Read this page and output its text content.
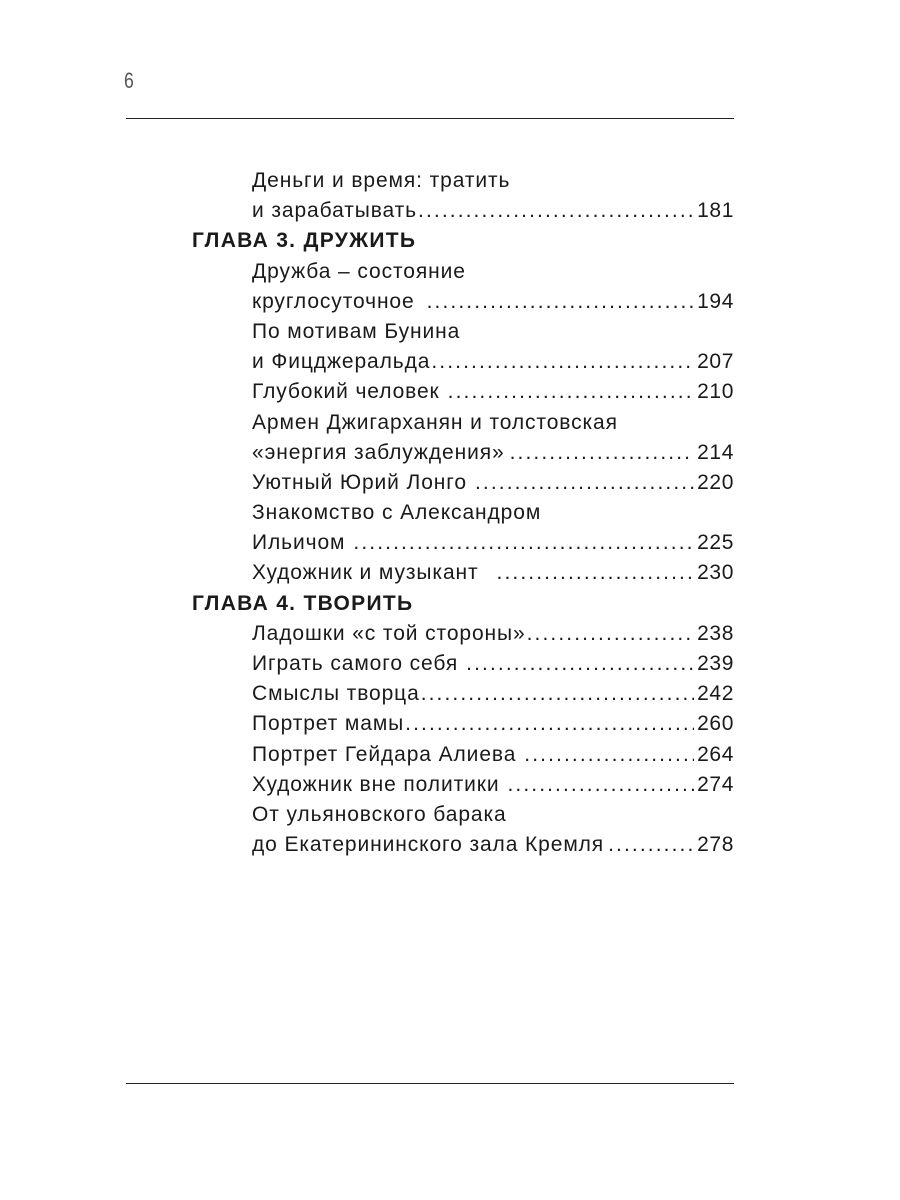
6
Деньги и время: тратить
и зарабатывать .....	181
ГЛАВА 3. ДРУЖИТЬ
Дружба – состояние
круглосуточное .....	194
По мотивам Бунина
и Фицджеральда .....	207
Глубокий человек .....	210
Армен Джигарханян и толстовская
«энергия заблуждения» .....	214
Уютный Юрий Лонго .....	220
Знакомство с Александром
Ильичом .....	225
Художник и музыкант .....	230
ГЛАВА 4. ТВОРИТЬ
Ладошки «с той стороны» .....	238
Играть самого себя .....	239
Смыслы творца .....	242
Портрет мамы .....	260
Портрет Гейдара Алиева .....	264
Художник вне политики .....	274
От ульяновского барака
до Екатерининского зала Кремля .....	278
